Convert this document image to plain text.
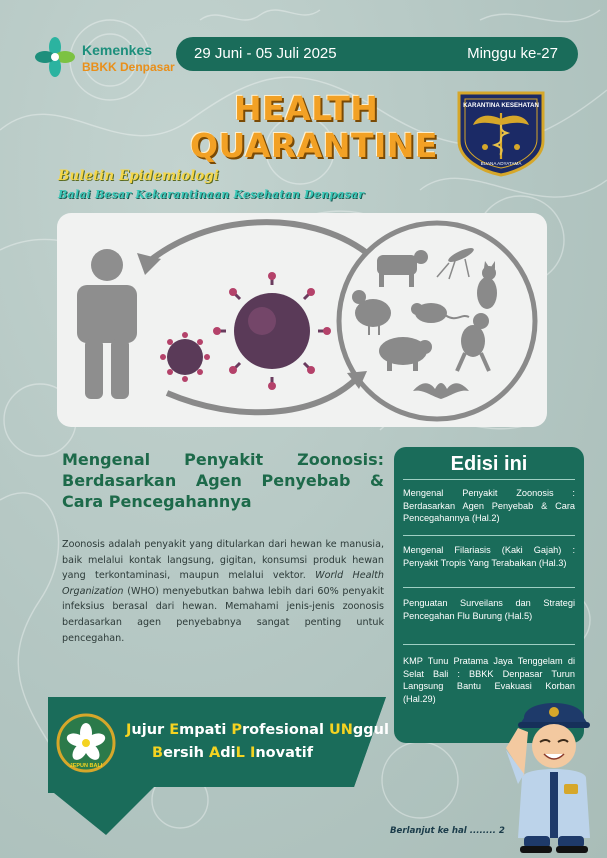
Kemenkes
BBKK Denpasar
29 Juni - 05 Juli 2025	Minggu ke-27
HEALTH
QUARANTINE
KARANTINA KESEHATAN
BUANA ADYATAMA
Buletin Epidemiologi
Balai Besar Kekarantinaan Kesehatan Denpasar
Mengenal Penyakit Zoonosis: Berdasarkan Agen Penyebab & Cara Pencegahannya
Zoonosis adalah penyakit yang ditularkan dari hewan ke manusia, baik melalui kontak langsung, gigitan, konsumsi produk hewan yang terkontaminasi, maupun melalui vektor. World Health Organization (WHO) menyebutkan bahwa lebih dari 60% penyakit infeksius berasal dari hewan. Memahami jenis-jenis zoonosis berdasarkan agen penyebabnya sangat penting untuk pencegahan.
Edisi ini
Mengenal Penyakit Zoonosis : Berdasarkan Agen Penyebab & Cara Pencegahannya (Hal.2)
Mengenal Filariasis (Kaki Gajah) : Penyakit Tropis Yang Terabaikan (Hal.3)
Penguatan Surveilans dan Strategi Pencegahan Flu Burung (Hal.5)
KMP Tunu Pratama Jaya Tenggelam di Selat Bali : BBKK Denpasar Turun Langsung Bantu Evakuasi Korban (Hal.29)
JEPUN BALI
Jujur Empati Profesional UNggul
Bersih AdiL Inovatif
Berlanjut ke hal ........ 2
